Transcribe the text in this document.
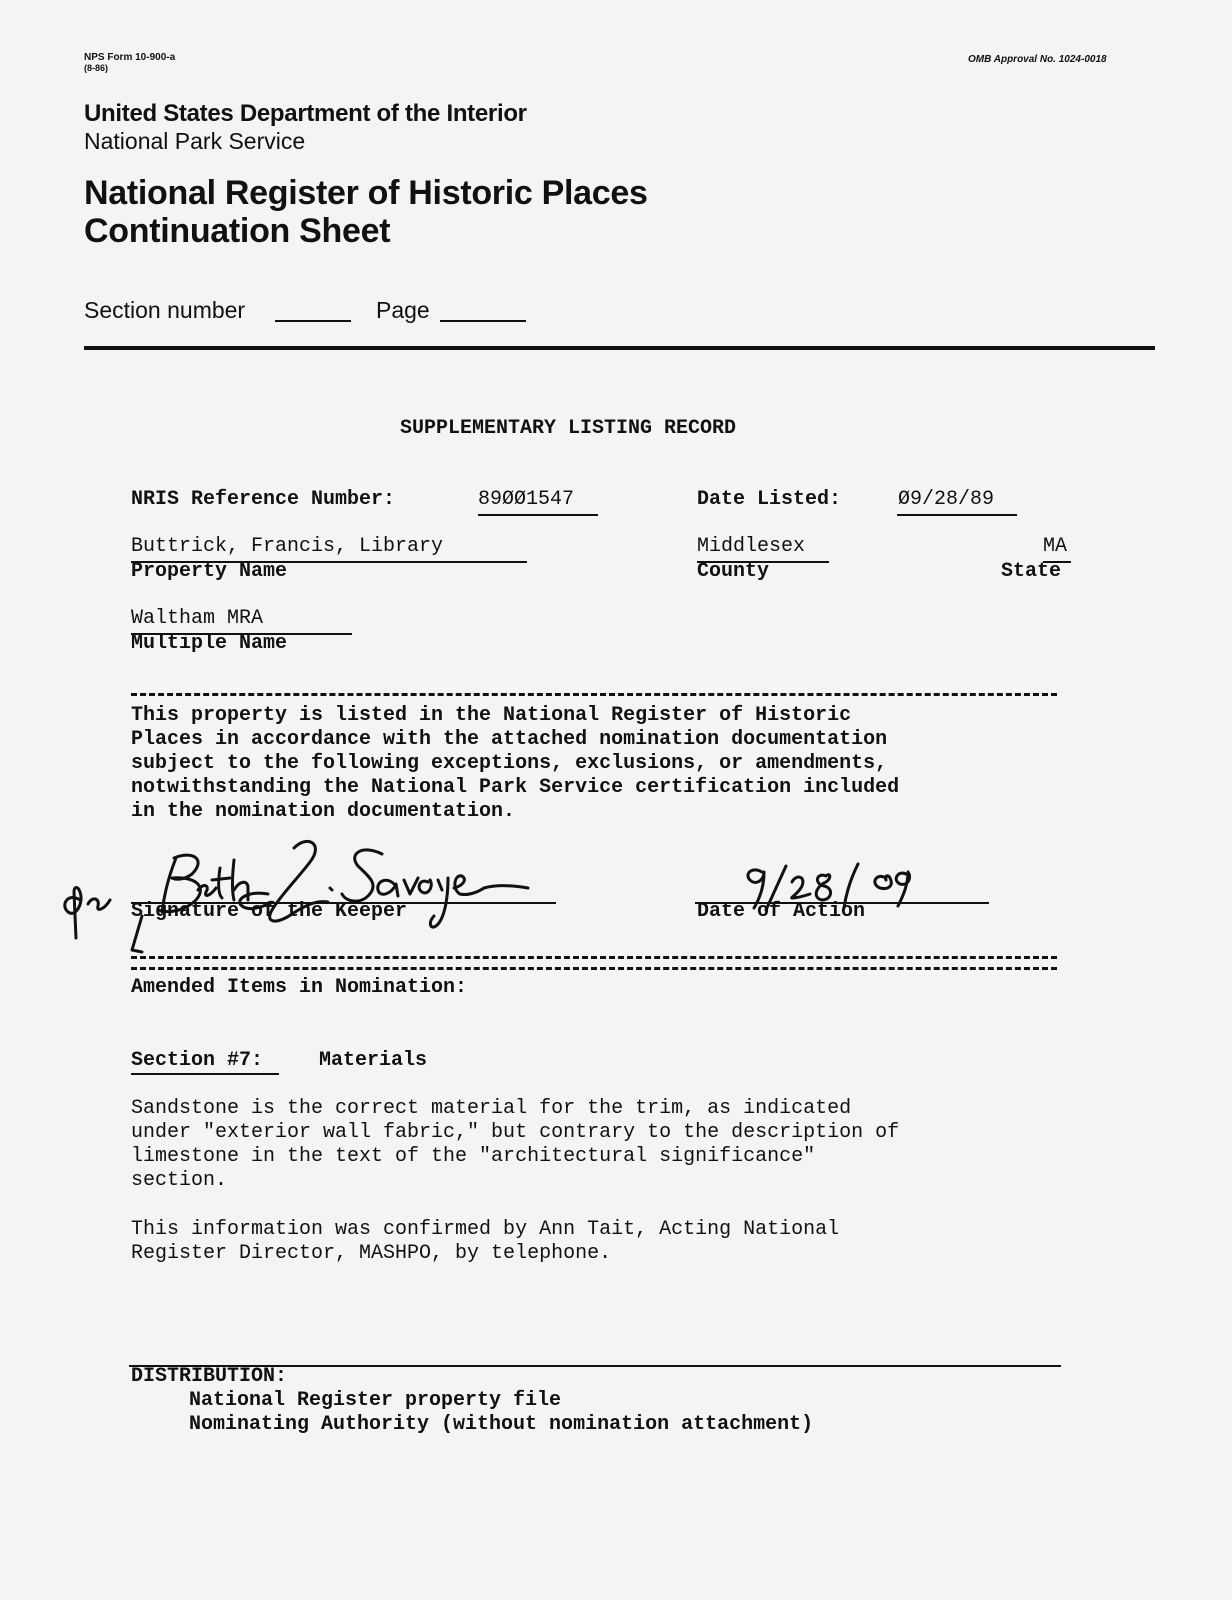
NPS Form 10-900-a
(8-86)
OMB Approval No. 1024-0018
United States Department of the Interior
National Park Service
National Register of Historic Places
Continuation Sheet
Section number	Page
SUPPLEMENTARY LISTING RECORD
NRIS Reference Number:	89ØØ1547	Date Listed:	Ø9/28/89
Buttrick, Francis, Library
Property Name
Middlesex
County
MA
State
Waltham MRA
Multiple Name

This property is listed in the National Register of Historic

Places in accordance with the attached nomination documentation

subject to the following exceptions, exclusions, or amendments,

notwithstanding the National Park Service certification included

in the nomination documentation.

Signature of the Keeper	Date of Action
Amended Items in Nomination:
Section #7:	Materials

Sandstone is the correct material for the trim, as indicated

under "exterior wall fabric," but contrary to the description of

limestone in the text of the "architectural significance"

section.

This information was confirmed by Ann Tait, Acting National

Register Director, MASHPO, by telephone.

DISTRIBUTION:

National Register property file

Nominating Authority (without nomination attachment)
